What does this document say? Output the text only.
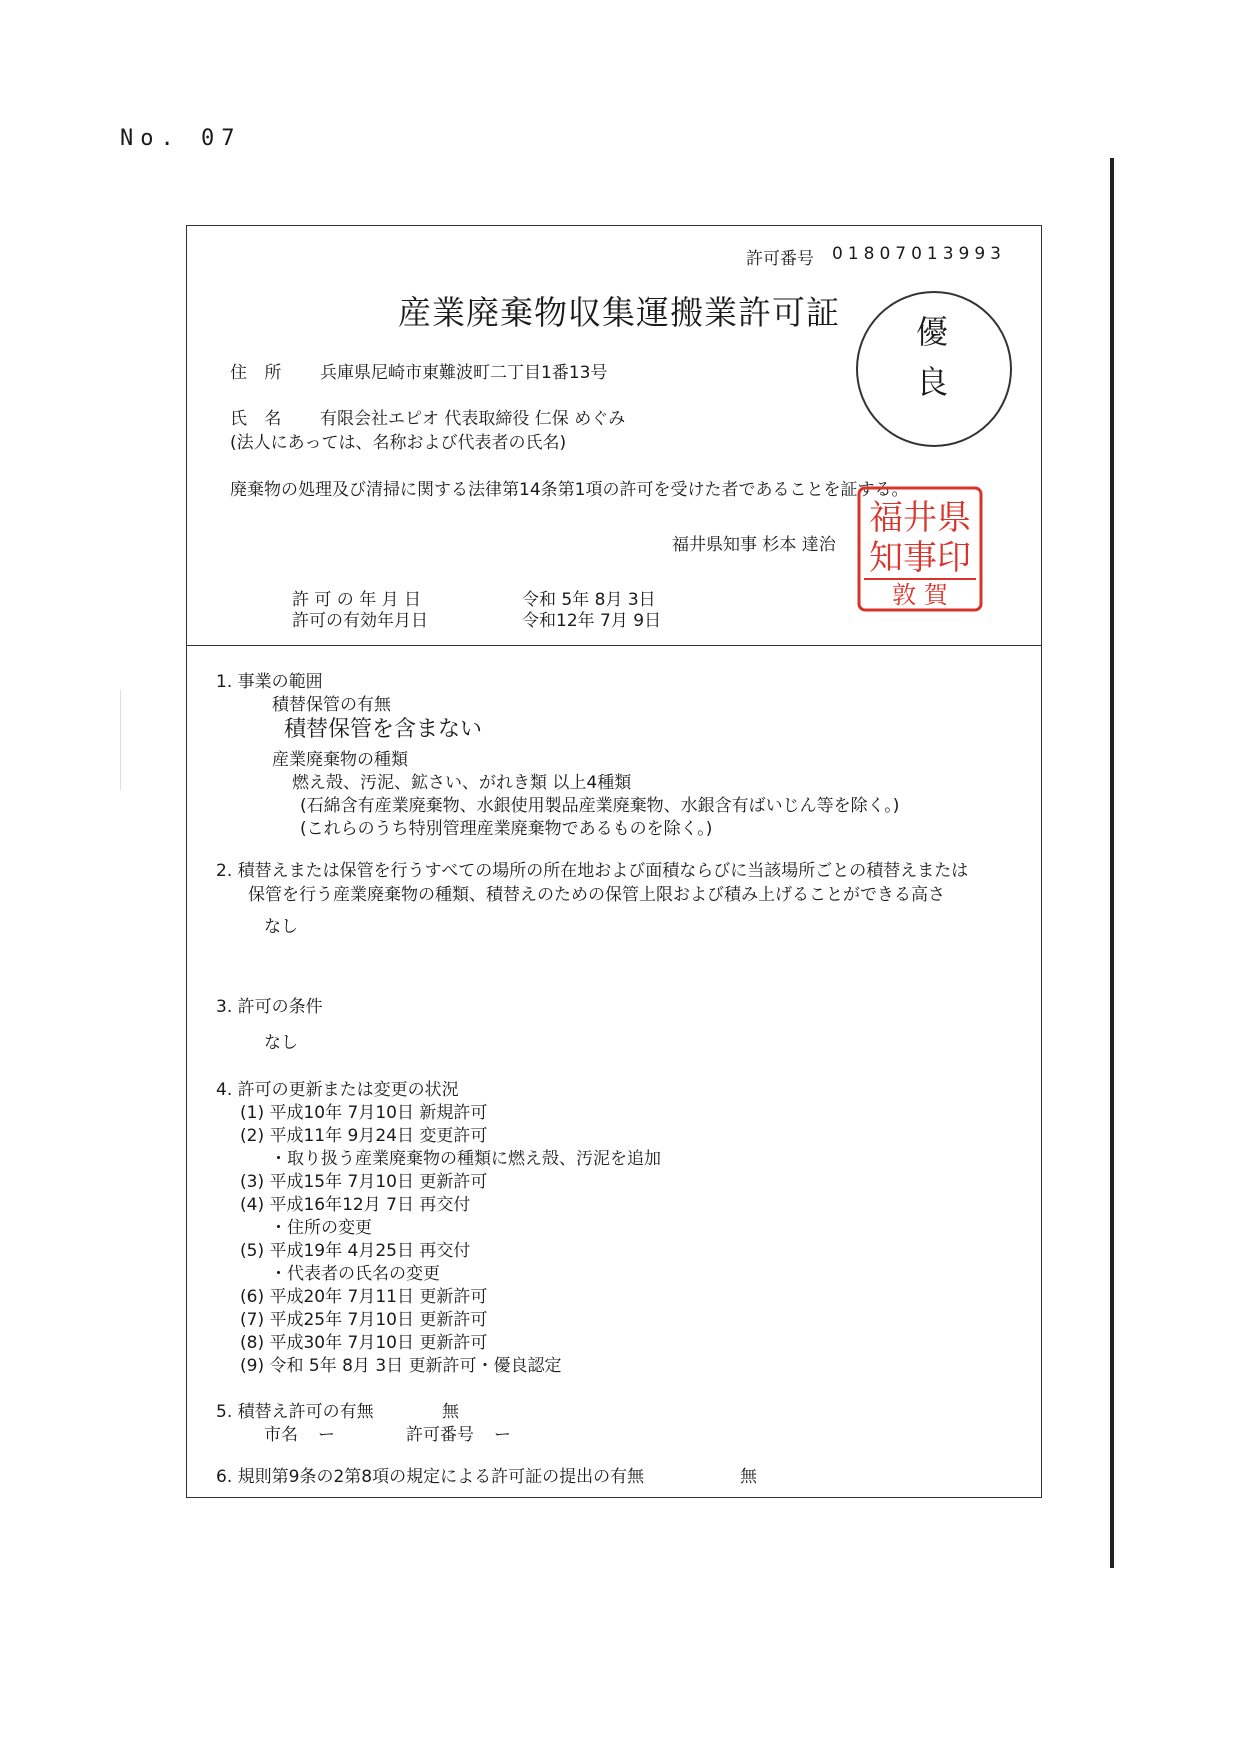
No. 07
許可番号 01807013993
産業廃棄物収集運搬業許可証 優
良
住 所 兵庫県尼崎市東難波町二丁目1番13号
氏 名 有限会社エピオ 代表取締役 仁保 めぐみ
(法人にあっては、名称および代表者の氏名)
廃棄物の処理及び清掃に関する法律第14条第1項の許可を受けた者であることを証する。
福井県知事 杉本 達治
福井県
知事印
敦 賀
許 可 の 年 月 日	令和 5年 8月 3日
許可の有効年月日	令和12年 7月 9日
1. 事業の範囲
積替保管の有無
積替保管を含まない
産業廃棄物の種類
燃え殻、汚泥、鉱さい、がれき類 以上4種類
(石綿含有産業廃棄物、水銀使用製品産業廃棄物、水銀含有ばいじん等を除く。)
(これらのうち特別管理産業廃棄物であるものを除く。)
2. 積替えまたは保管を行うすべての場所の所在地および面積ならびに当該場所ごとの積替えまたは
保管を行う産業廃棄物の種類、積替えのための保管上限および積み上げることができる高さ
なし
3. 許可の条件
なし
4. 許可の更新または変更の状況
(1) 平成10年 7月10日 新規許可
(2) 平成11年 9月24日 変更許可
・取り扱う産業廃棄物の種類に燃え殻、汚泥を追加
(3) 平成15年 7月10日 更新許可
(4) 平成16年12月 7日 再交付
・住所の変更
(5) 平成19年 4月25日 再交付
・代表者の氏名の変更
(6) 平成20年 7月11日 更新許可
(7) 平成25年 7月10日 更新許可
(8) 平成30年 7月10日 更新許可
(9) 令和 5年 8月 3日 更新許可・優良認定
5. 積替え許可の有無	無
市名 ー	許可番号 ー
6. 規則第9条の2第8項の規定による許可証の提出の有無	無
